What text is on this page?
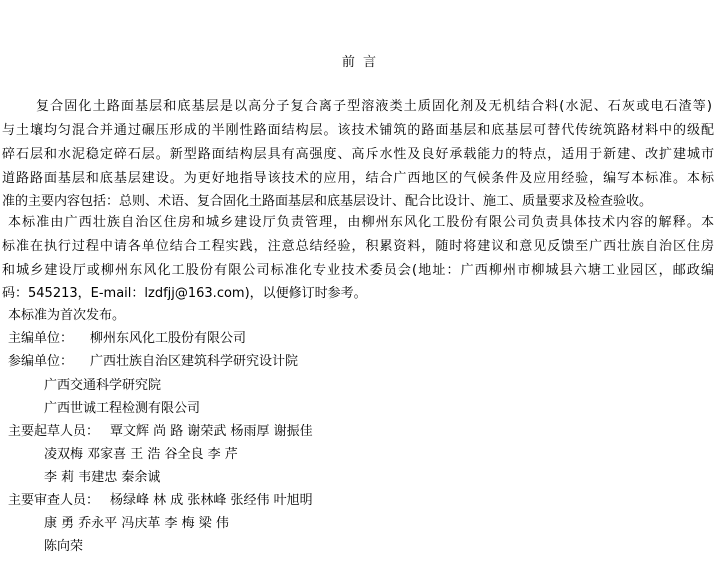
前 言
复合固化土路面基层和底基层是以高分子复合离子型溶液类土质固化剂及无机结合料(水泥、石灰或电石渣等)
与土壤均匀混合并通过碾压形成的半刚性路面结构层。该技术铺筑的路面基层和底基层可替代传统筑路材料中的级配
碎石层和水泥稳定碎石层。新型路面结构层具有高强度、高斥水性及良好承载能力的特点，适用于新建、改扩建城市
道路路面基层和底基层建设。为更好地指导该技术的应用，结合广西地区的气候条件及应用经验，编写本标准。本标
准的主要内容包括：总则、术语、复合固化土路面基层和底基层设计、配合比设计、施工、质量要求及检查验收。
本标准由广西壮族自治区住房和城乡建设厅负责管理，由柳州东风化工股份有限公司负责具体技术内容的解释。本
标准在执行过程中请各单位结合工程实践，注意总结经验，积累资料，随时将建议和意见反馈至广西壮族自治区住房
和城乡建设厅或柳州东风化工股份有限公司标准化专业技术委员会(地址：广西柳州市柳城县六塘工业园区，邮政编
码：545213，E-mail：lzdfjj@163.com)，以便修订时参考。
本标准为首次发布。
主编单位： 柳州东风化工股份有限公司
参编单位： 广西壮族自治区建筑科学研究设计院
广西交通科学研究院
广西世诚工程检测有限公司
主要起草人员： 覃文辉 尚 路 谢荣武 杨雨厚 谢振佳
凌双梅 邓家喜 王 浩 谷全良 李 芹
李 莉 韦建忠 秦余诚
主要审查人员： 杨绿峰 林 成 张林峰 张经伟 叶旭明
康 勇 乔永平 冯庆革 李 梅 梁 伟
陈向荣
